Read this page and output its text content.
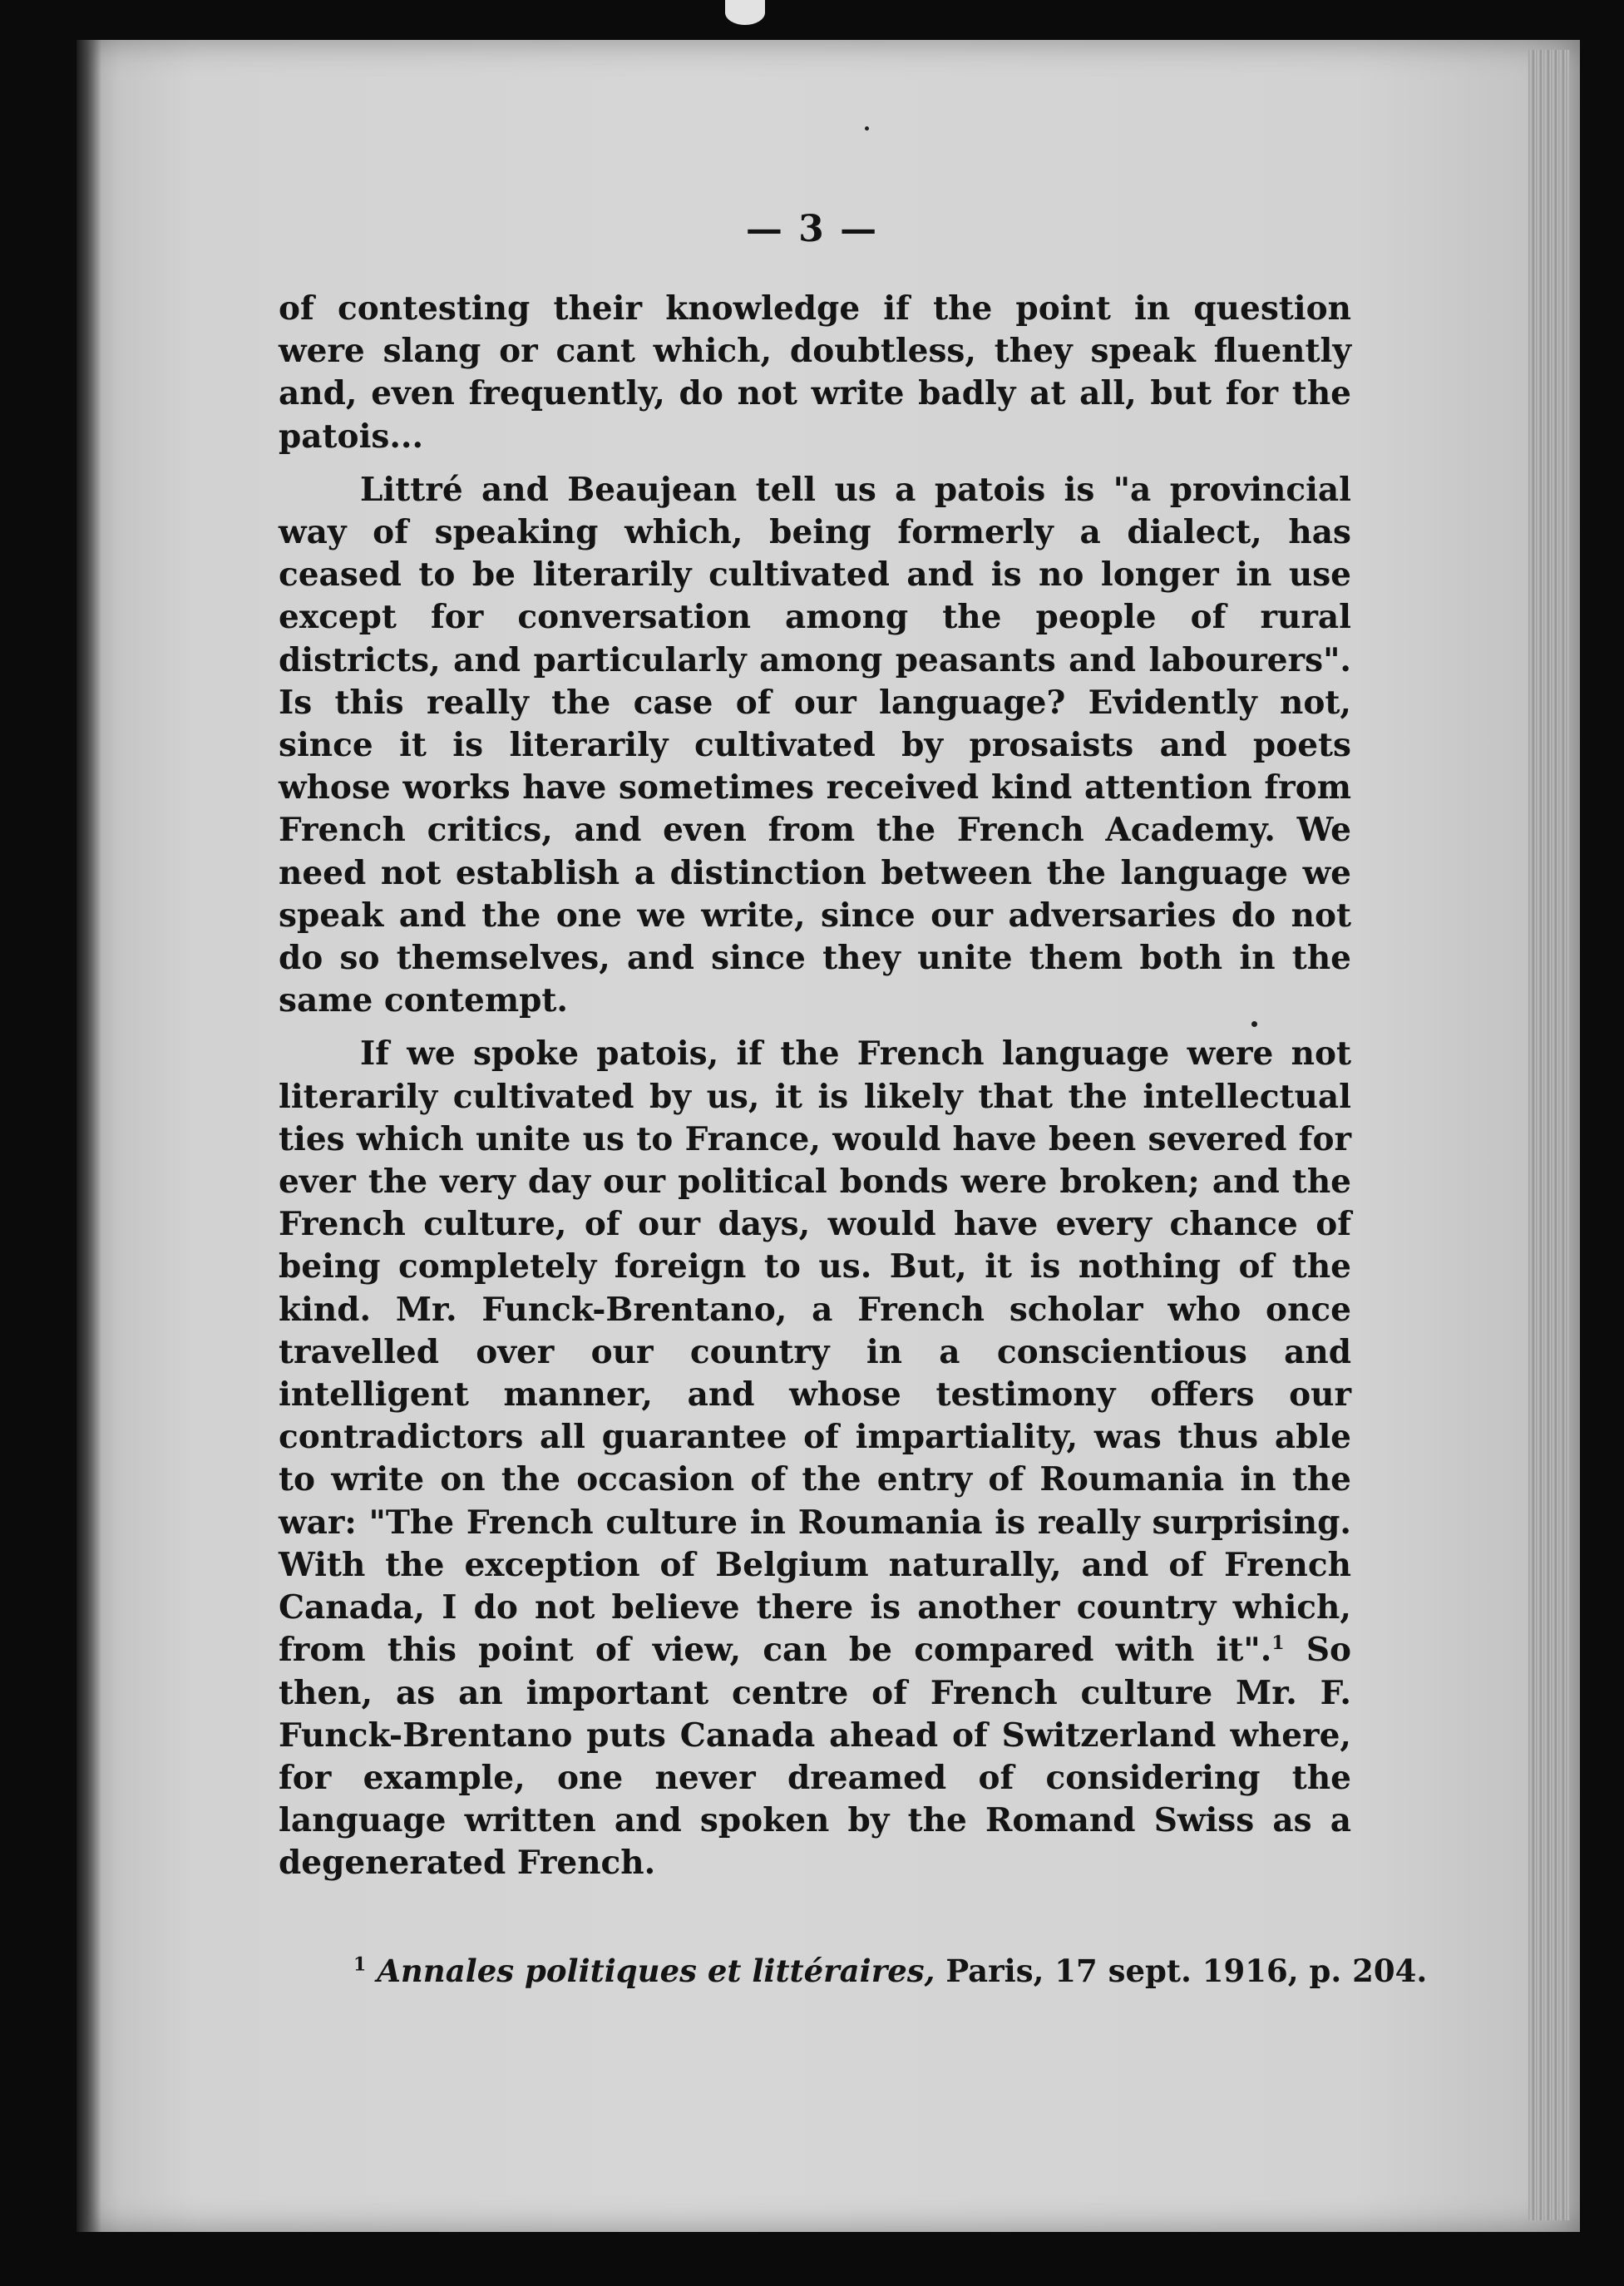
— 3 —

of contesting their knowledge if the point in question were slang or cant which, doubtless, they speak fluently and, even frequently, do not write badly at all, but for the patois...

Littré and Beaujean tell us a patois is "a provincial way of speaking which, being formerly a dialect, has ceased to be literarily cultivated and is no longer in use except for conversation among the people of rural districts, and particularly among peasants and labourers". Is this really the case of our language? Evidently not, since it is literarily cultivated by prosaists and poets whose works have sometimes received kind attention from French critics, and even from the French Academy. We need not establish a distinction between the language we speak and the one we write, since our adversaries do not do so themselves, and since they unite them both in the same contempt.

If we spoke patois, if the French language were not literarily cultivated by us, it is likely that the intellectual ties which unite us to France, would have been severed for ever the very day our political bonds were broken; and the French culture, of our days, would have every chance of being completely foreign to us. But, it is nothing of the kind. Mr. Funck-Brentano, a French scholar who once travelled over our country in a conscientious and intelligent manner, and whose testimony offers our contradictors all guarantee of impartiality, was thus able to write on the occasion of the entry of Roumania in the war: "The French culture in Roumania is really surprising. With the exception of Belgium naturally, and of French Canada, I do not believe there is another country which, from this point of view, can be compared with it".$^1$ So then, as an important centre of French culture Mr. F. Funck-Brentano puts Canada ahead of Switzerland where, for example, one never dreamed of considering the language written and spoken by the Romand Swiss as a degenerated French.

$^1$ Annales politiques et littéraires, Paris, 17 sept. 1916, p. 204.
